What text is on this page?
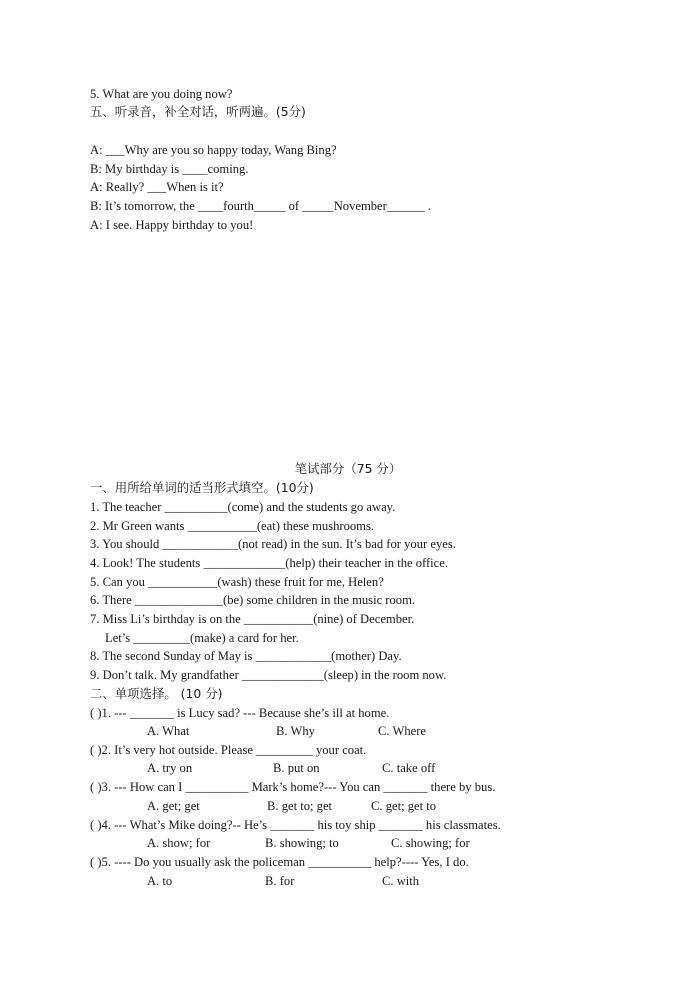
5. What are you doing now?
五、听录音，补全对话，听两遍。(5分)
A: ___Why are you so happy today, Wang Bing?
B: My birthday is ____coming.
A: Really? ___When is it?
B: It’s tomorrow, the ____fourth_____ of _____November______ .
A: I see. Happy birthday to you!
笔试部分（75 分）
一、用所给单词的适当形式填空。(10分)
1. The teacher __________(come) and the students go away.
2. Mr Green wants ___________(eat) these mushrooms.
3. You should ____________(not read) in the sun. It’s bad for your eyes.
4. Look! The students _____________(help) their teacher in the office.
5. Can you ___________(wash) these fruit for me, Helen?
6. There ______________(be) some children in the music room.
7. Miss Li’s birthday is on the ___________(nine) of December.
Let’s _________(make) a card for her.
8. The second Sunday of May is ____________(mother) Day.
9. Don’t talk. My grandfather _____________(sleep) in the room now.
二、单项选择。 (10 分)
( )1. --- _______ is Lucy sad? --- Because she’s ill at home.
A. What	B. Why	C. Where
( )2. It’s very hot outside. Please _________ your coat.
A. try on	B. put on	C. take off
( )3. --- How can I __________ Mark’s home?--- You can _______ there by bus.
A. get; get	B. get to; get	C. get; get to
( )4. --- What’s Mike doing?-- He’s _______ his toy ship _______ his classmates.
A. show; for	B. showing; to	C. showing; for
( )5. ---- Do you usually ask the policeman __________ help?---- Yes, I do.
A. to	B. for	C. with
